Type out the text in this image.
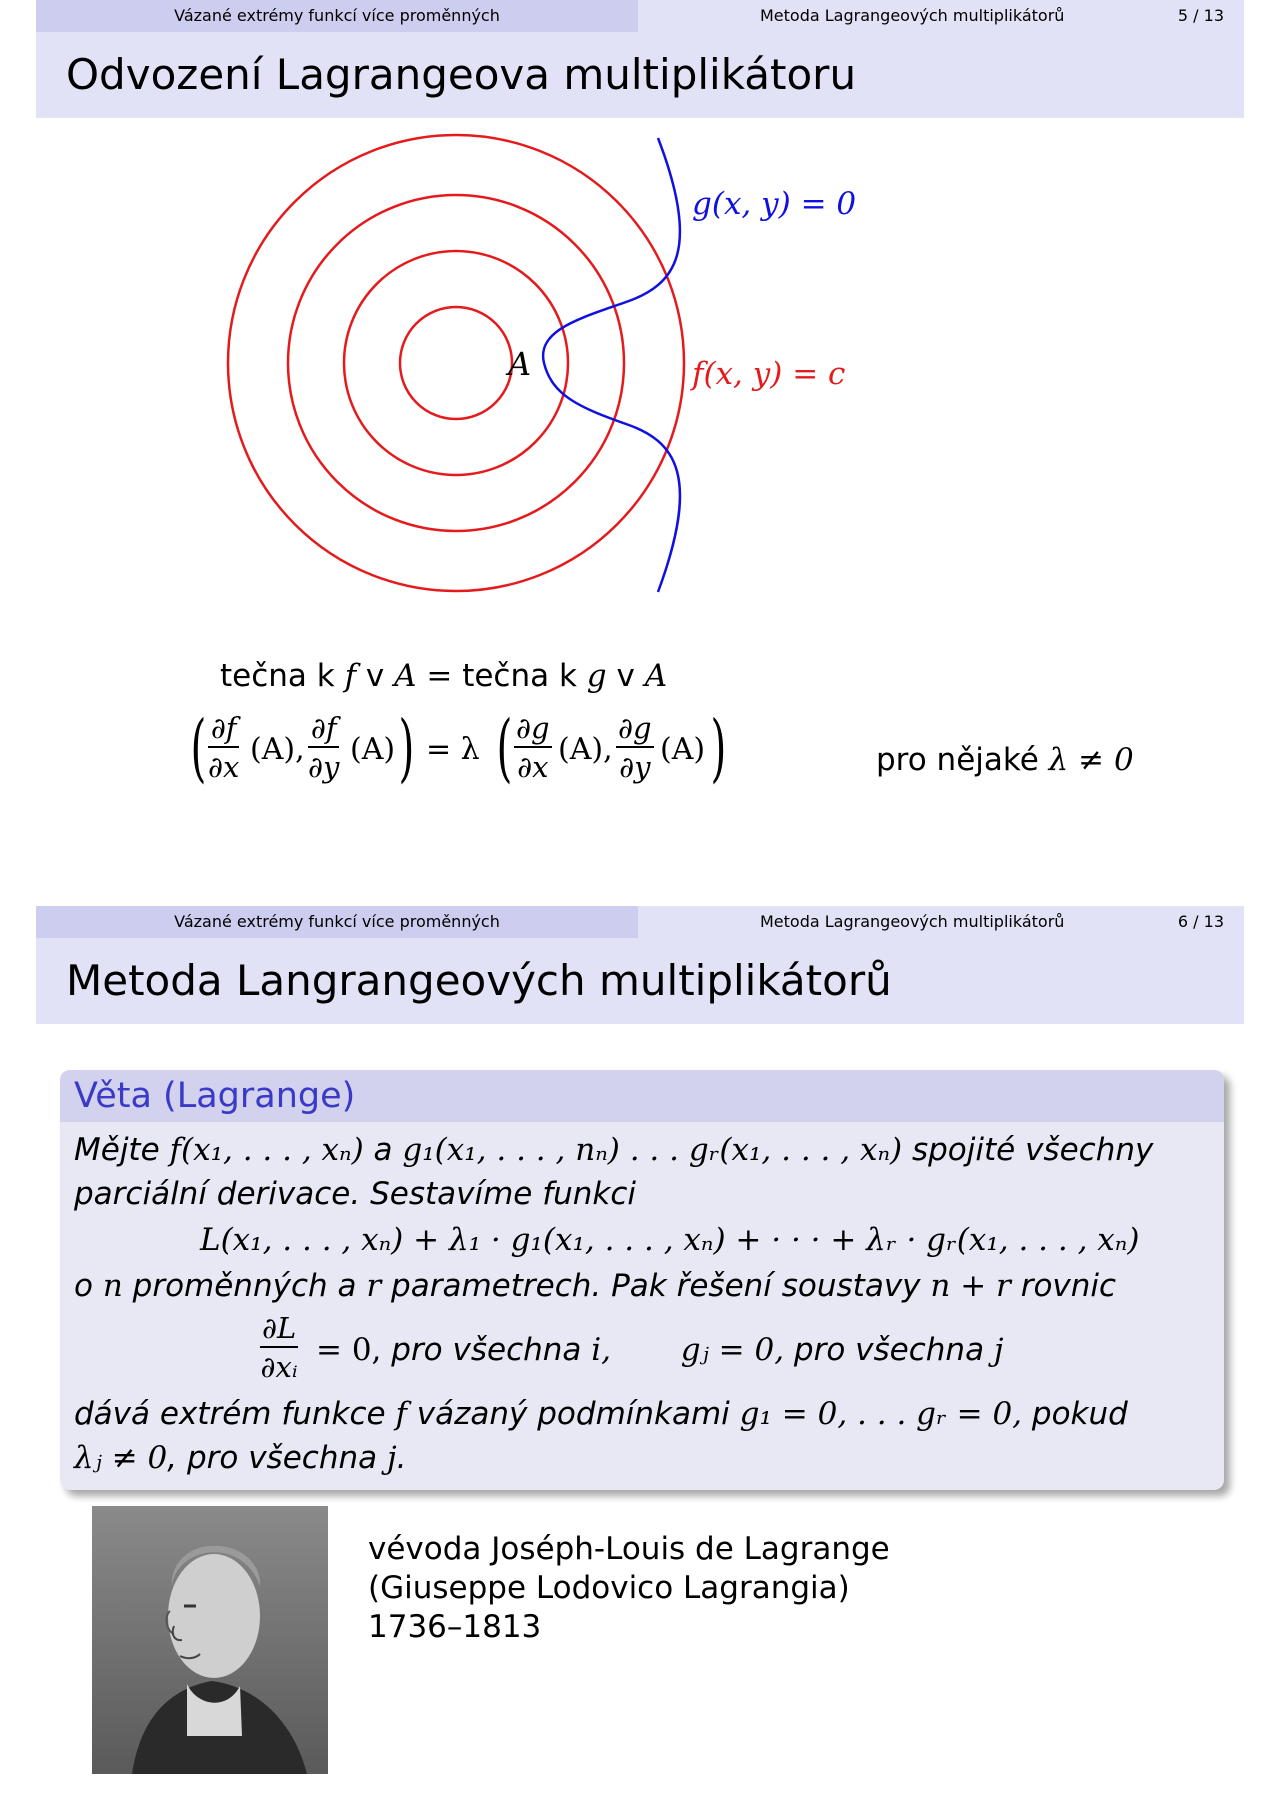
Vázané extrémy funkcí více proměnných	Metoda Lagrangeových multiplikátorů	5 / 13
Odvození Lagrangeova multiplikátoru
A
g(x, y) = 0
f(x, y) = c
tečna k f v A = tečna k g v A
( $\frac{\partial f}{\partial x} (A)$, $\frac{\partial f}{\partial y} (A)$ ) = λ ( $\frac{\partial g}{\partial x} (A)$, $\frac{\partial g}{\partial y} (A)$ )	pro nějaké λ ≠ 0
Vázané extrémy funkcí více proměnných	Metoda Lagrangeových multiplikátorů	6 / 13
Metoda Langrangeových multiplikátorů
Věta (Lagrange)
Mějte f(x₁, . . . , xₙ) a g₁(x₁, . . . , nₙ) . . . gᵣ(x₁, . . . , xₙ) spojité všechny
parciální derivace. Sestavíme funkci
L(x₁, . . . , xₙ) + λ₁ · g₁(x₁, . . . , xₙ) + · · · + λᵣ · gᵣ(x₁, . . . , xₙ)
o n proměnných a r parametrech. Pak řešení soustavy n + r rovnic
$\frac{\partial L}{\text{∂xᵢ}} = 0$, pro všechna i, gⱼ = 0, pro všechna j
dává extrém funkce f vázaný podmínkami g₁ = 0, . . . gᵣ = 0, pokud
λⱼ ≠ 0, pro všechna j.
vévoda Joséph-Louis de Lagrange
(Giuseppe Lodovico Lagrangia)
1736–1813
